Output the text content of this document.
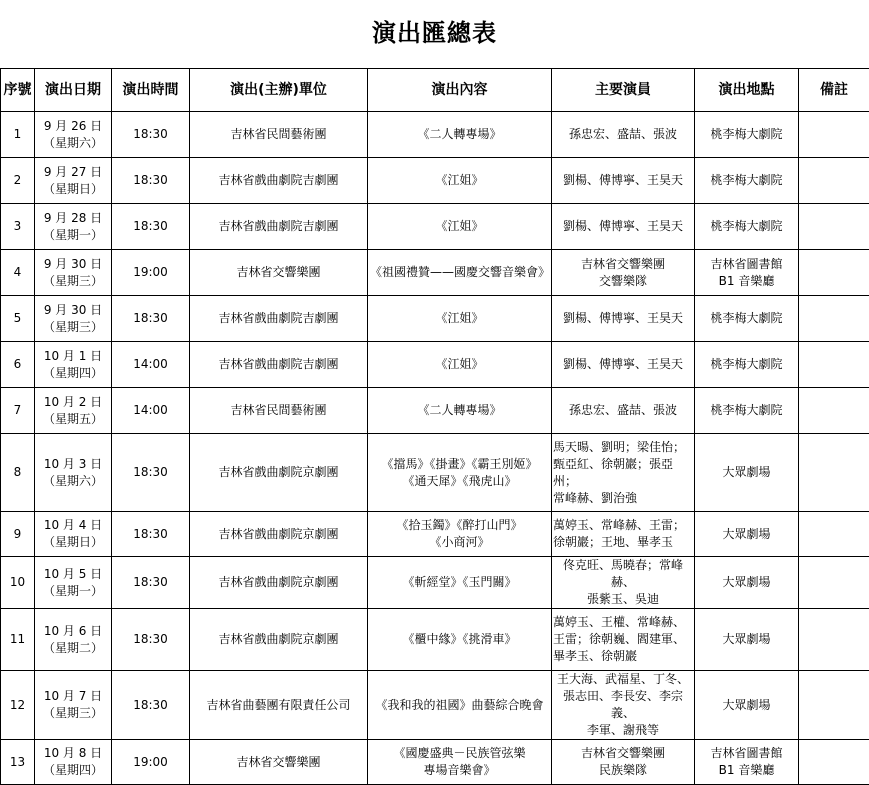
演出匯總表
序號	演出日期	演出時間	演出(主辦)單位	演出內容	主要演員	演出地點	備註
1	9 月 26 日
（星期六）	18:30	吉林省民間藝術團	《二人轉專場》	孫忠宏、盛喆、張波	桃李梅大劇院	
2	9 月 27 日
（星期日）	18:30	吉林省戲曲劇院吉劇團	《江姐》	劉楊、傅博寧、王昊天	桃李梅大劇院	
3	9 月 28 日
（星期一）	18:30	吉林省戲曲劇院吉劇團	《江姐》	劉楊、傅博寧、王昊天	桃李梅大劇院	
4	9 月 30 日
（星期三）	19:00	吉林省交響樂團	《祖國禮贊——國慶交響音樂會》	吉林省交響樂團
交響樂隊	吉林省圖書館
B1 音樂廳	
5	9 月 30 日
（星期三）	18:30	吉林省戲曲劇院吉劇團	《江姐》	劉楊、傅博寧、王昊天	桃李梅大劇院	
6	10 月 1 日
（星期四）	14:00	吉林省戲曲劇院吉劇團	《江姐》	劉楊、傅博寧、王昊天	桃李梅大劇院	
7	10 月 2 日
（星期五）	14:00	吉林省民間藝術團	《二人轉專場》	孫忠宏、盛喆、張波	桃李梅大劇院	
8	10 月 3 日
（星期六）	18:30	吉林省戲曲劇院京劇團	《擋馬》《掛畫》《霸王別姬》
《通天犀》《飛虎山》	馬天暘、劉明；梁佳怡；
甄亞紅、徐朝巖；張亞州；
常峰赫、劉治強	大眾劇場	
9	10 月 4 日
（星期日）	18:30	吉林省戲曲劇院京劇團	《拾玉鐲》《醉打山門》
《小商河》	萬婷玉、常峰赫、王雷；
徐朝巖；王地、畢孝玉	大眾劇場	
10	10 月 5 日
（星期一）	18:30	吉林省戲曲劇院京劇團	《斬經堂》《玉門關》	佟克旺、馬曉春；常峰赫、
張紫玉、吳迪	大眾劇場	
11	10 月 6 日
（星期二）	18:30	吉林省戲曲劇院京劇團	《櫃中緣》《挑滑車》	萬婷玉、王權、常峰赫、
王雷；徐朝巍、閻建軍、
畢孝玉、徐朝巖	大眾劇場	
12	10 月 7 日
（星期三）	18:30	吉林省曲藝團有限責任公司	《我和我的祖國》曲藝綜合晚會	王大海、武福星、丁冬、
張志田、李長安、李宗義、
李軍、謝飛等	大眾劇場	
13	10 月 8 日
（星期四）	19:00	吉林省交響樂團	《國慶盛典－民族管弦樂
專場音樂會》	吉林省交響樂團
民族樂隊	吉林省圖書館
B1 音樂廳	
